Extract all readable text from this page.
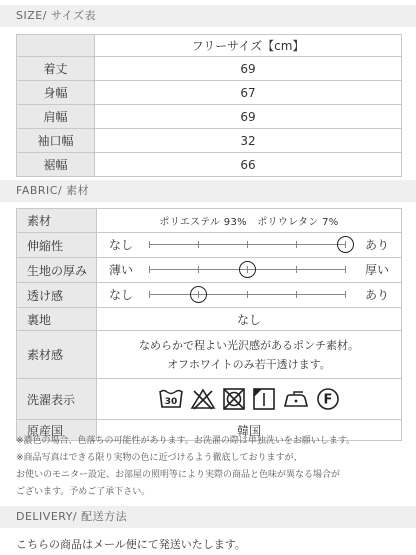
SIZE/ サイズ表
	フリーサイズ【cm】
着丈	69
身幅	67
肩幅	69
袖口幅	32
裾幅	66
FABRIC/ 素材
素材	ポリエステル 93%　ポリウレタン 7%
伸縮性	なし あり

生地の厚み	薄い 厚い

透け感	なし あり

裏地	なし
素材感	なめらかで程よい光沢感があるポンチ素材。
オフホワイトのみ若干透けます。

洗濯表示	30 F

原産国	韓国
※濃色の場合、色落ちの可能性があります。お洗濯の際は単独洗いをお願いします。
※商品写真はできる限り実物の色に近づけるよう徹底しておりますが、
お使いのモニター設定、お部屋の照明等により実際の商品と色味が異なる場合が
ございます。予めご了承下さい。
DELIVERY/ 配送方法
こちらの商品はメール便にて発送いたします。
